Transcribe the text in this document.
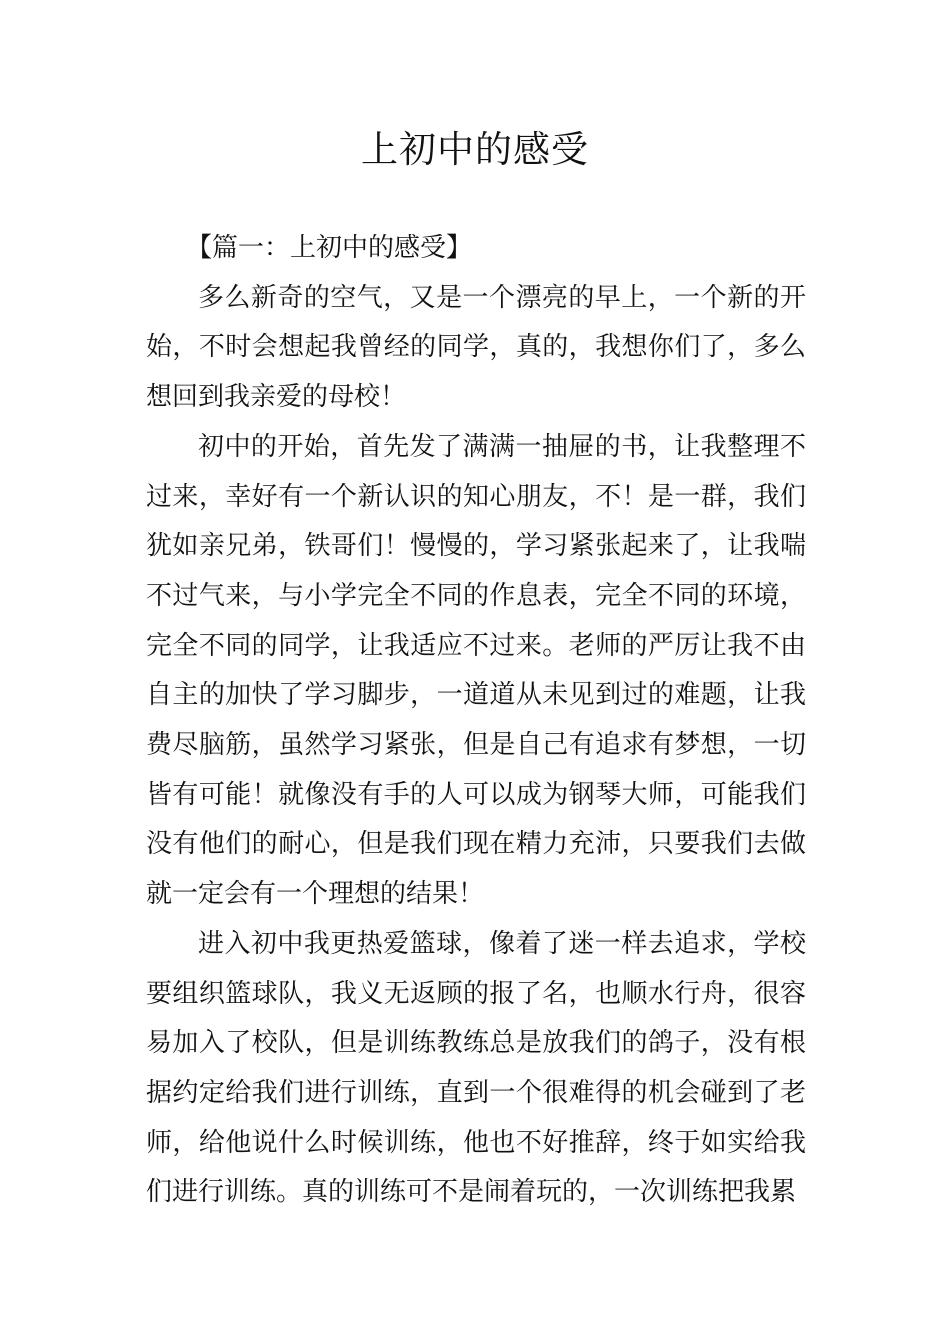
上初中的感受
【篇一：上初中的感受】

多么新奇的空气，又是一个漂亮的早上，一个新的开始，不时会想起我曾经的同学，真的，我想你们了，多么想回到我亲爱的母校！

初中的开始，首先发了满满一抽屉的书，让我整理不过来，幸好有一个新认识的知心朋友，不！是一群，我们犹如亲兄弟，铁哥们！慢慢的，学习紧张起来了，让我喘不过气来，与小学完全不同的作息表，完全不同的环境，完全不同的同学，让我适应不过来。老师的严厉让我不由自主的加快了学习脚步，一道道从未见到过的难题，让我费尽脑筋，虽然学习紧张，但是自己有追求有梦想，一切皆有可能！就像没有手的人可以成为钢琴大师，可能我们没有他们的耐心，但是我们现在精力充沛，只要我们去做就一定会有一个理想的结果！

进入初中我更热爱篮球，像着了迷一样去追求，学校要组织篮球队，我义无返顾的报了名，也顺水行舟，很容易加入了校队，但是训练教练总是放我们的鸽子，没有根据约定给我们进行训练，直到一个很难得的机会碰到了老师，给他说什么时候训练，他也不好推辞，终于如实给我们进行训练。真的训练可不是闹着玩的，一次训练把我累
